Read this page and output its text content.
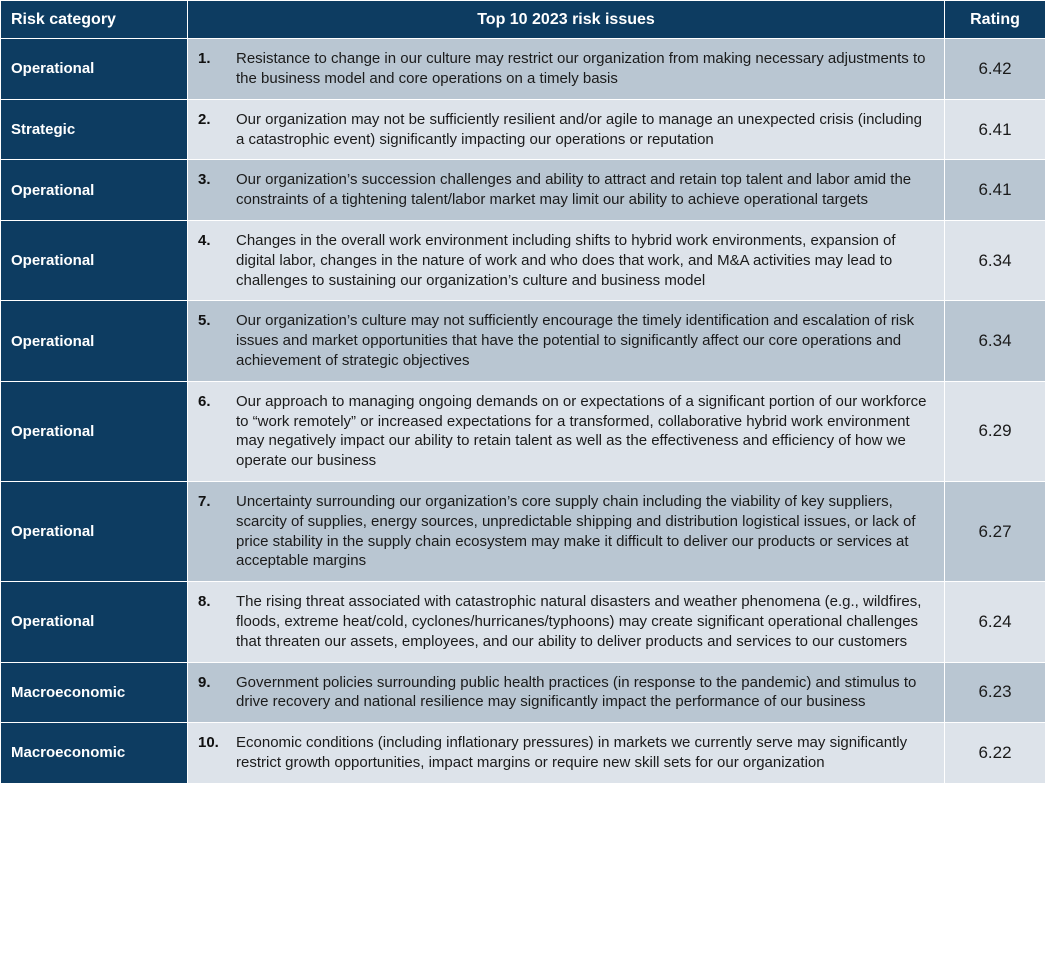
Risk category	Top 10 2023 risk issues	Rating
Operational	1. Resistance to change in our culture may restrict our organization from making necessary adjustments to the business model and core operations on a timely basis	6.42
Strategic	2. Our organization may not be sufficiently resilient and/or agile to manage an unexpected crisis (including a catastrophic event) significantly impacting our operations or reputation	6.41
Operational	3. Our organization’s succession challenges and ability to attract and retain top talent and labor amid the constraints of a tightening talent/labor market may limit our ability to achieve operational targets	6.41
Operational	4. Changes in the overall work environment including shifts to hybrid work environments, expansion of digital labor, changes in the nature of work and who does that work, and M&A activities may lead to challenges to sustaining our organization’s culture and business model	6.34
Operational	5. Our organization’s culture may not sufficiently encourage the timely identification and escalation of risk issues and market opportunities that have the potential to significantly affect our core operations and achievement of strategic objectives	6.34
Operational	6. Our approach to managing ongoing demands on or expectations of a significant portion of our workforce to “work remotely” or increased expectations for a transformed, collaborative hybrid work environment may negatively impact our ability to retain talent as well as the effectiveness and efficiency of how we operate our business	6.29
Operational	7. Uncertainty surrounding our organization’s core supply chain including the viability of key suppliers, scarcity of supplies, energy sources, unpredictable shipping and distribution logistical issues, or lack of price stability in the supply chain ecosystem may make it difficult to deliver our products or services at acceptable margins	6.27
Operational	8. The rising threat associated with catastrophic natural disasters and weather phenomena (e.g., wildfires, floods, extreme heat/cold, cyclones/hurricanes/typhoons) may create significant operational challenges that threaten our assets, employees, and our ability to deliver products and services to our customers	6.24
Macroeconomic	9. Government policies surrounding public health practices (in response to the pandemic) and stimulus to drive recovery and national resilience may significantly impact the performance of our business	6.23
Macroeconomic	10. Economic conditions (including inflationary pressures) in markets we currently serve may significantly restrict growth opportunities, impact margins or require new skill sets for our organization	6.22
